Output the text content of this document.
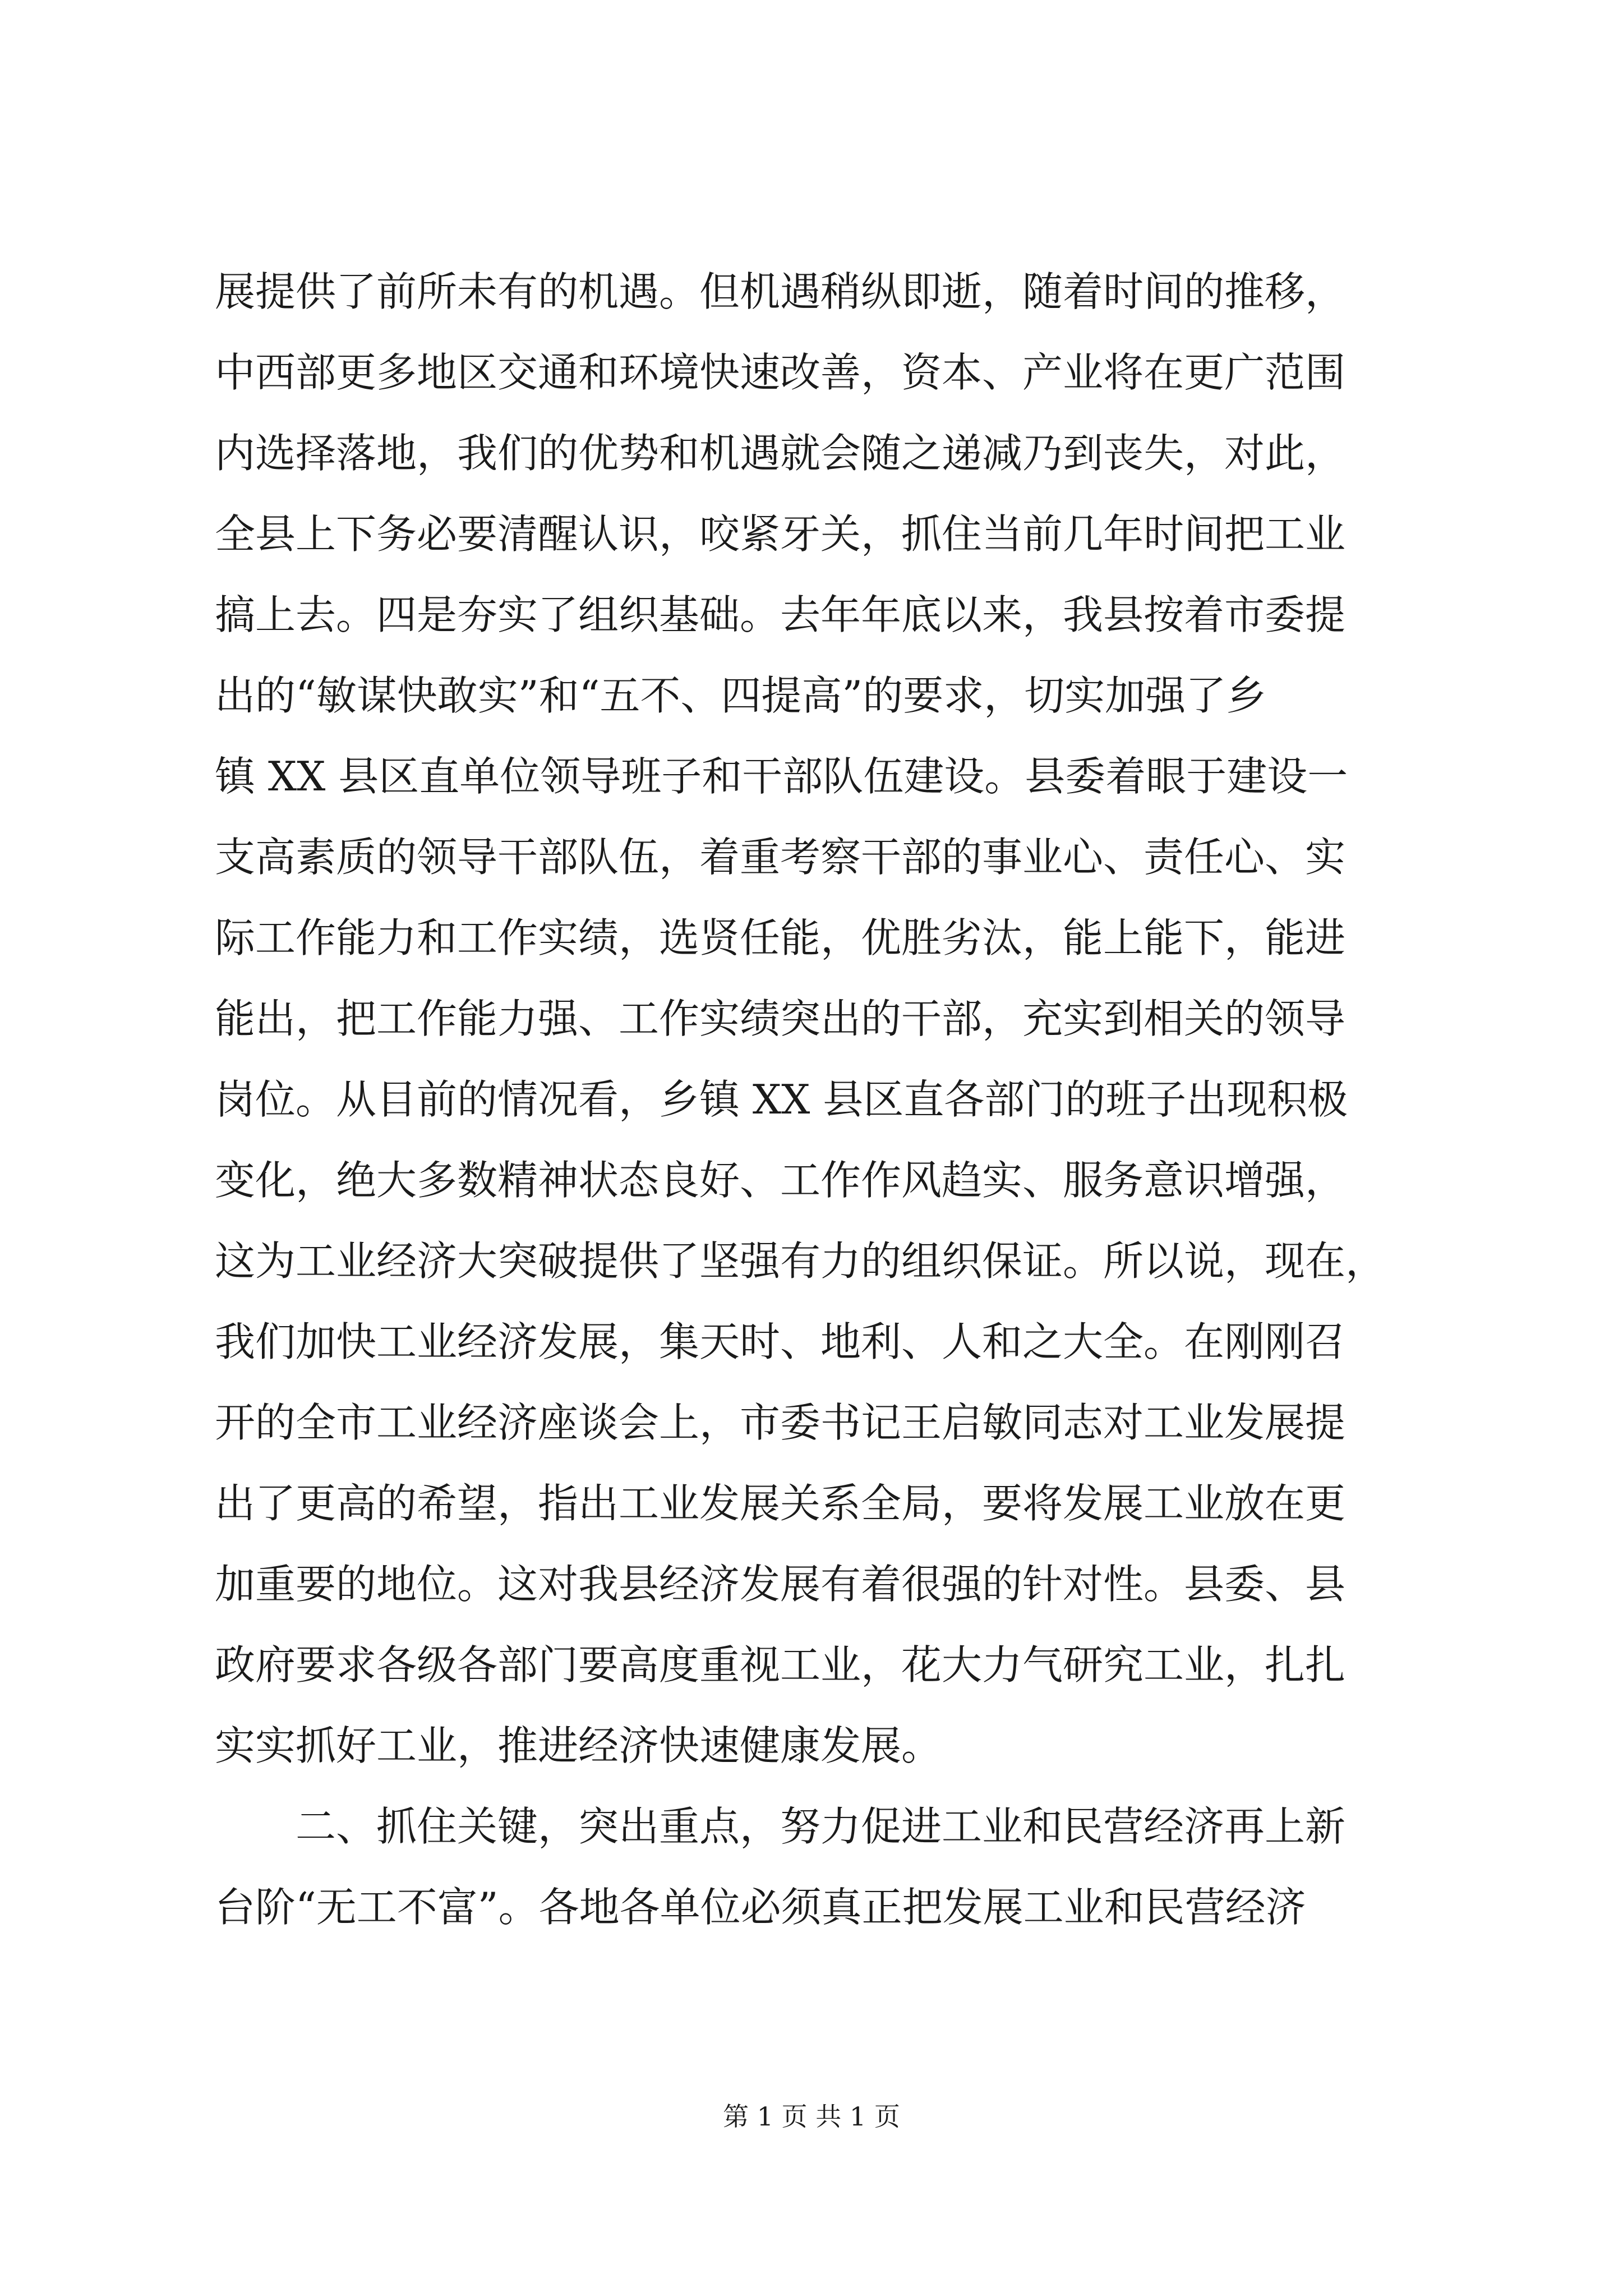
展提供了前所未有的机遇。但机遇稍纵即逝，随着时间的推移，
中西部更多地区交通和环境快速改善，资本、产业将在更广范围
内选择落地，我们的优势和机遇就会随之递减乃到丧失，对此，
全县上下务必要清醒认识，咬紧牙关，抓住当前几年时间把工业
搞上去。四是夯实了组织基础。去年年底以来，我县按着市委提
出的“敏谋快敢实”和“五不、四提高”的要求，切实加强了乡
镇 XX 县区直单位领导班子和干部队伍建设。县委着眼于建设一
支高素质的领导干部队伍，着重考察干部的事业心、责任心、实
际工作能力和工作实绩，选贤任能，优胜劣汰，能上能下，能进
能出，把工作能力强、工作实绩突出的干部，充实到相关的领导
岗位。从目前的情况看，乡镇 XX 县区直各部门的班子出现积极
变化，绝大多数精神状态良好、工作作风趋实、服务意识增强，
这为工业经济大突破提供了坚强有力的组织保证。所以说，现在，
我们加快工业经济发展，集天时、地利、人和之大全。在刚刚召
开的全市工业经济座谈会上，市委书记王启敏同志对工业发展提
出了更高的希望，指出工业发展关系全局，要将发展工业放在更
加重要的地位。这对我县经济发展有着很强的针对性。县委、县
政府要求各级各部门要高度重视工业，花大力气研究工业，扎扎
实实抓好工业，推进经济快速健康发展。
　　二、抓住关键，突出重点，努力促进工业和民营经济再上新
台阶“无工不富”。各地各单位必须真正把发展工业和民营经济
第 1 页 共 1 页
